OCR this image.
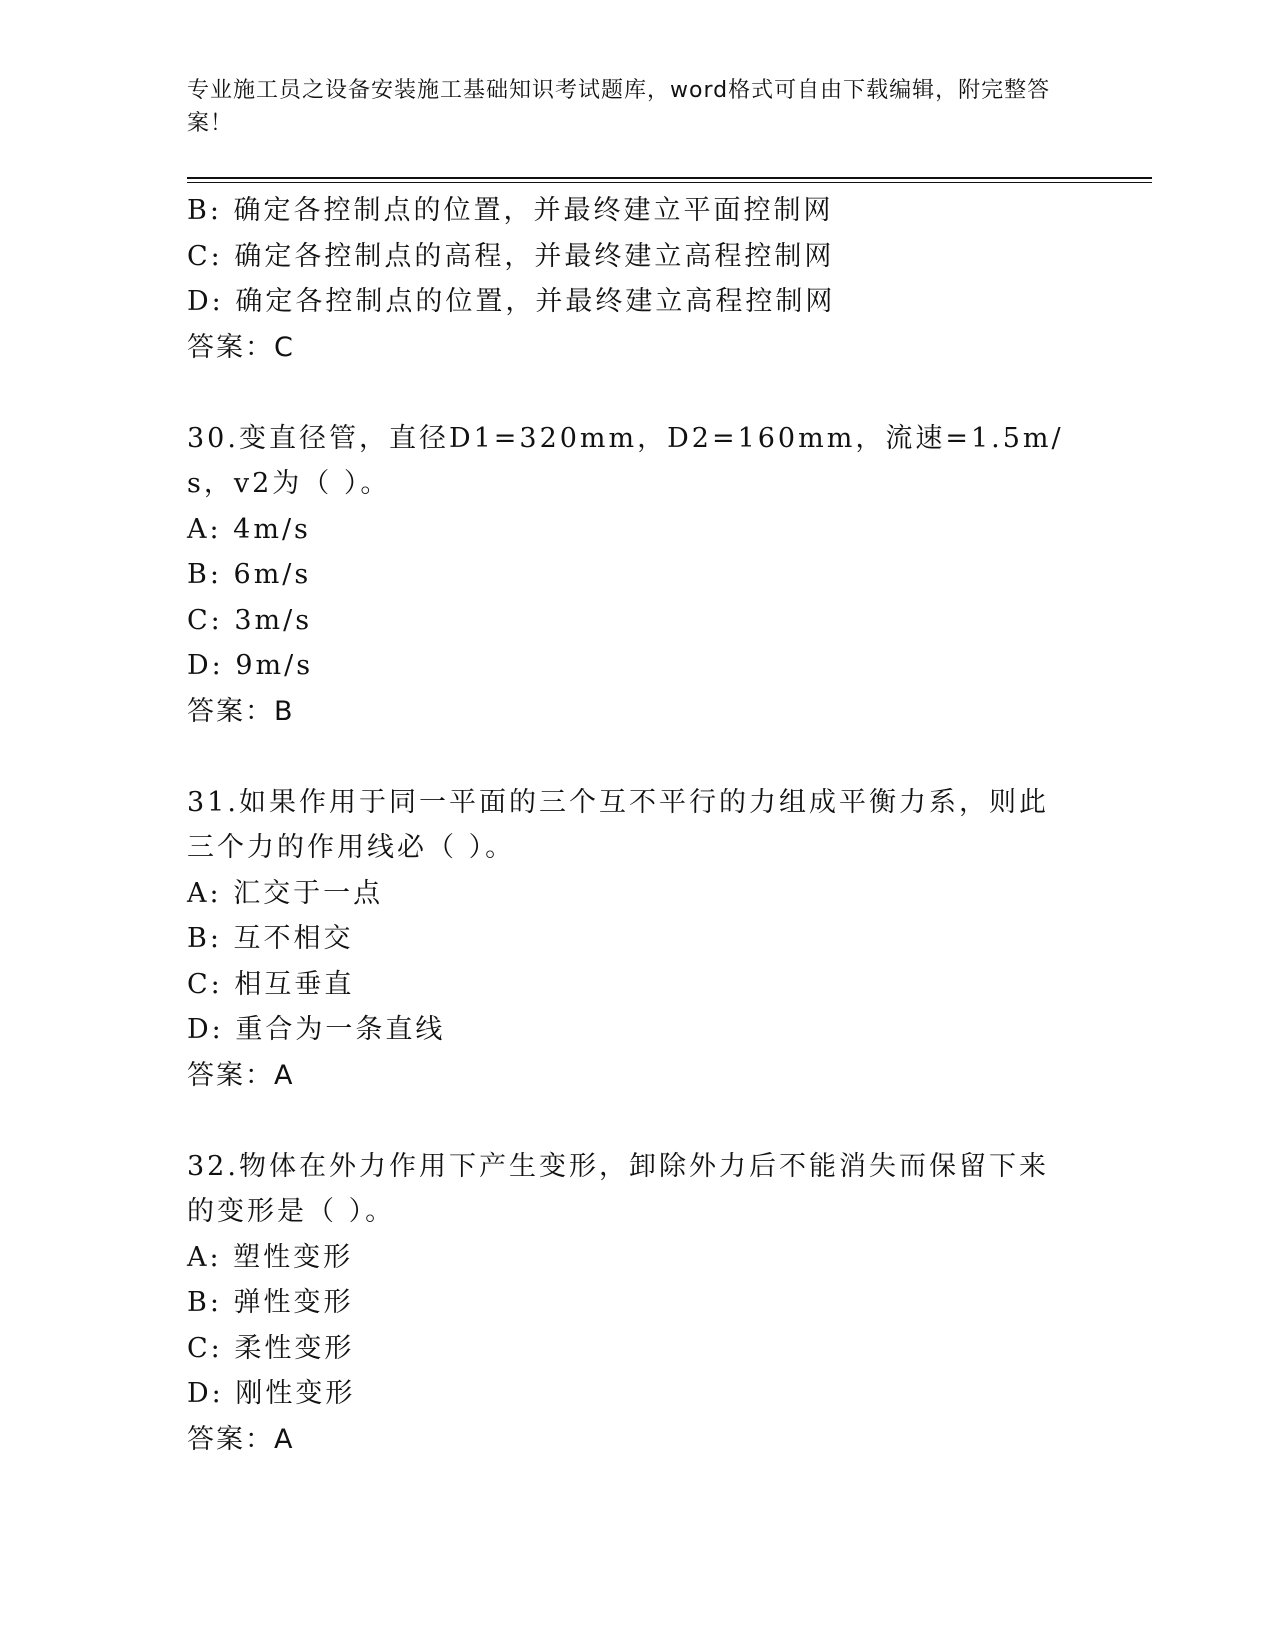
专业施工员之设备安装施工基础知识考试题库，word格式可自由下载编辑，附完整答案！
B: 确定各控制点的位置，并最终建立平面控制网
C: 确定各控制点的高程，并最终建立高程控制网
D: 确定各控制点的位置，并最终建立高程控制网
答案：C
30.变直径管，直径D1=320mm，D2=160mm，流速=1.5m/s，v2为（ ）。
A: 4m/s
B: 6m/s
C: 3m/s
D: 9m/s
答案：B
31.如果作用于同一平面的三个互不平行的力组成平衡力系，则此三个力的作用线必（ ）。
A: 汇交于一点
B: 互不相交
C: 相互垂直
D: 重合为一条直线
答案：A
32.物体在外力作用下产生变形，卸除外力后不能消失而保留下来的变形是（ ）。
A: 塑性变形
B: 弹性变形
C: 柔性变形
D: 刚性变形
答案：A
